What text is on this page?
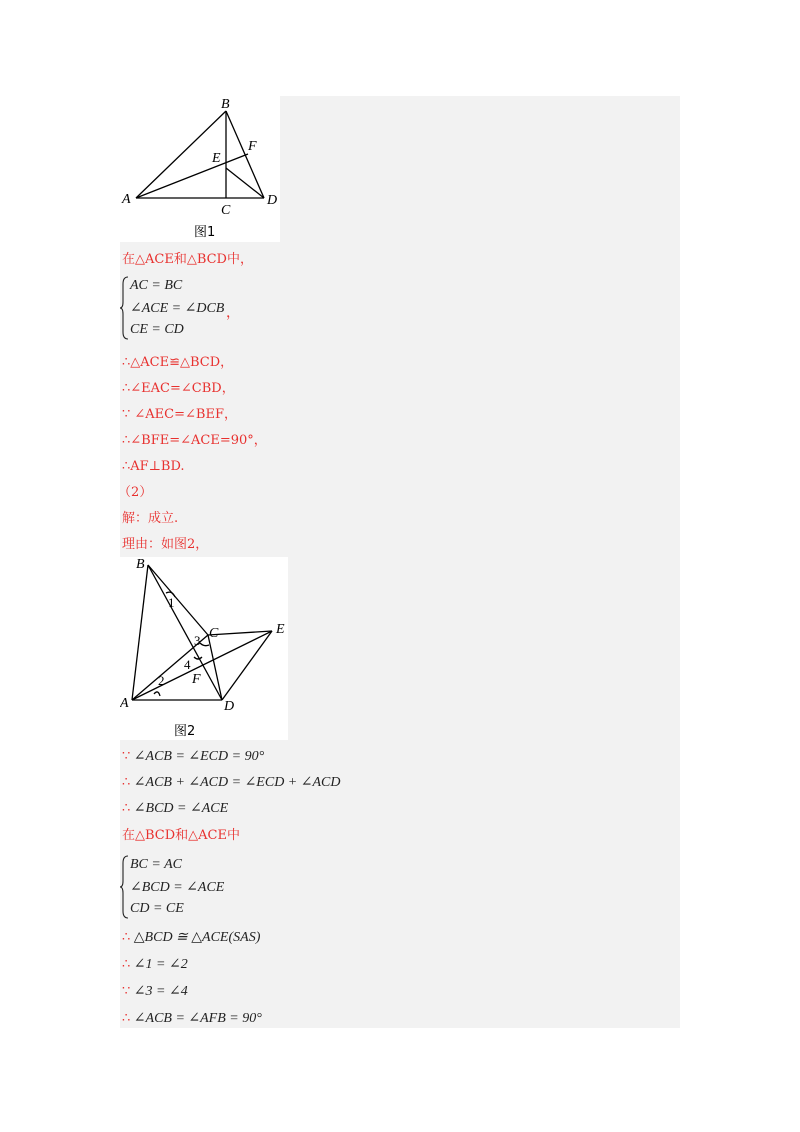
B
E
F
A
C
D
图1
在△ACE和△BCD中，
AC = BC
∠ACE = ∠DCB
CE = CD
，
∴△ACE≌△BCD，
∴∠EAC=∠CBD，
∵ ∠AEC=∠BEF，
∴∠BFE=∠ACE=90°，
∴AF⊥BD.
（2）
解：成立.
理由：如图2，
B
C	E
A	D
F
1
3
4
2
图2
∵ ∠ACB = ∠ECD = 90°
∴ ∠ACB + ∠ACD = ∠ECD + ∠ACD
∴ ∠BCD = ∠ACE
在△BCD和△ACE中
BC = AC
∠BCD = ∠ACE
CD = CE
∴ △BCD ≅ △ACE(SAS)
∴ ∠1 = ∠2
∵ ∠3 = ∠4
∴ ∠ACB = ∠AFB = 90°
